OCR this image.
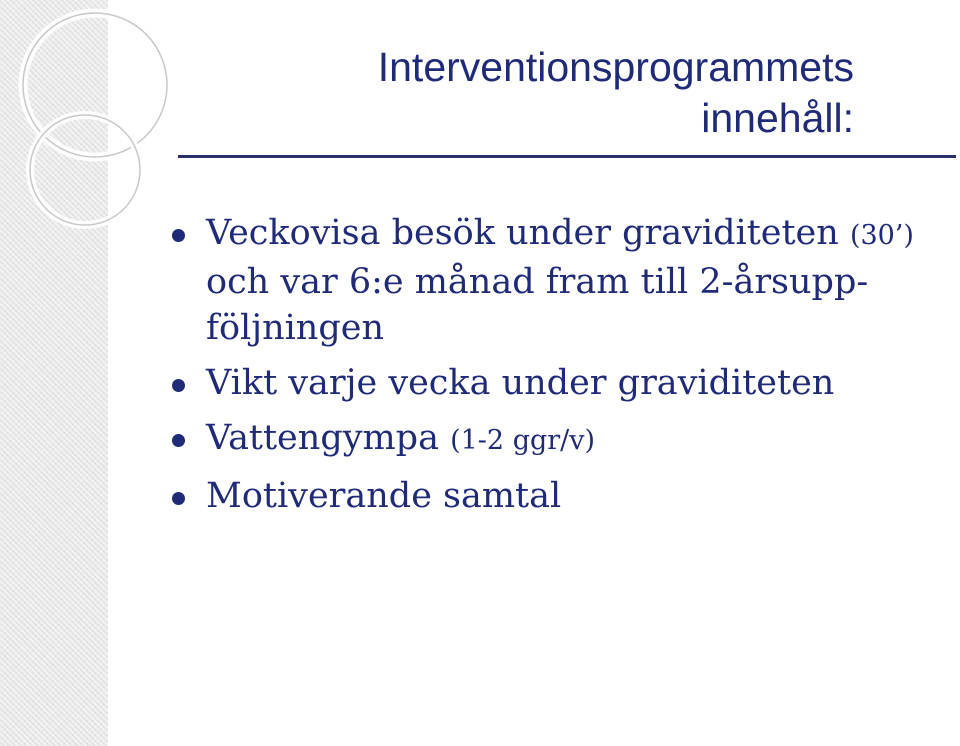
Interventionsprogrammets
innehåll:
Veckovisa besök under graviditeten (30’)
och var 6:e månad fram till 2-årsupp-
följningen
Vikt varje vecka under graviditeten
Vattengympa (1-2 ggr/v)
Motiverande samtal
